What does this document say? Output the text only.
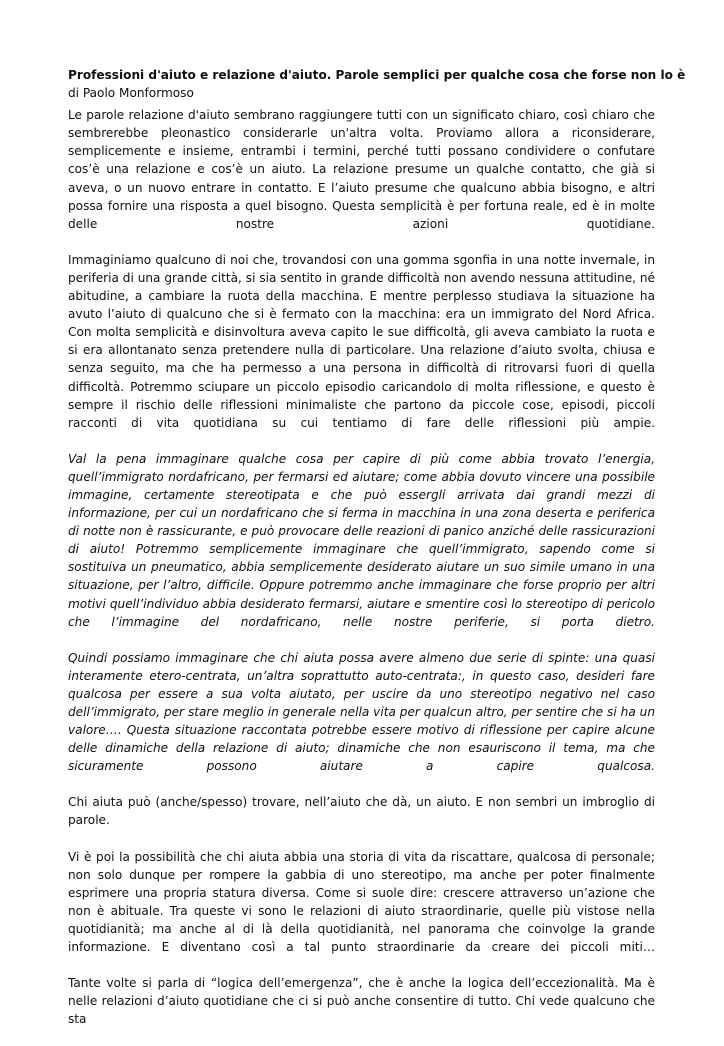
Professioni d'aiuto e relazione d'aiuto. Parole semplici per qualche cosa che forse non lo è

di Paolo Monformoso

Le parole relazione d'aiuto sembrano raggiungere tutti con un significato chiaro, così chiaro che sembrerebbe pleonastico considerarle un'altra volta. Proviamo allora a riconsiderare, semplicemente e insieme, entrambi i termini, perché tutti possano condividere o confutare cos’è una relazione e cos’è un aiuto. La relazione presume un qualche contatto, che già si aveva, o un nuovo entrare in contatto. E l’aiuto presume che qualcuno abbia bisogno, e altri possa fornire una risposta a quel bisogno. Questa semplicità è per fortuna reale, ed è in molte delle nostre azioni quotidiane.

Immaginiamo qualcuno di noi che, trovandosi con una gomma sgonfia in una notte invernale, in periferia di una grande città, si sia sentito in grande difficoltà non avendo nessuna attitudine, né abitudine, a cambiare la ruota della macchina. E mentre perplesso studiava la situazione ha avuto l’aiuto di qualcuno che si è fermato con la macchina: era un immigrato del Nord Africa. Con molta semplicità e disinvoltura aveva capito le sue difficoltà, gli aveva cambiato la ruota e si era allontanato senza pretendere nulla di particolare. Una relazione d’aiuto svolta, chiusa e senza seguito, ma che ha permesso a una persona in difficoltà di ritrovarsi fuori di quella difficoltà. Potremmo sciupare un piccolo episodio caricandolo di molta riflessione, e questo è sempre il rischio delle riflessioni minimaliste che partono da piccole cose, episodi, piccoli racconti di vita quotidiana su cui tentiamo di fare delle riflessioni più ampie.

Val la pena immaginare qualche cosa per capire di più come abbia trovato l’energia, quell’immigrato nordafricano, per fermarsi ed aiutare; come abbia dovuto vincere una possibile immagine, certamente stereotipata e che può essergli arrivata dai grandi mezzi di informazione, per cui un nordafricano che si ferma in macchina in una zona deserta e periferica di notte non è rassicurante, e può provocare delle reazioni di panico anziché delle rassicurazioni di aiuto! Potremmo semplicemente immaginare che quell’immigrato, sapendo come si sostituiva un pneumatico, abbia semplicemente desiderato aiutare un suo simile umano in una situazione, per l’altro, difficile. Oppure potremmo anche immaginare che forse proprio per altri motivi quell’individuo abbia desiderato fermarsi, aiutare e smentire così lo stereotipo di pericolo che l’immagine del nordafricano, nelle nostre periferie, si porta dietro.

Quindi possiamo immaginare che chi aiuta possa avere almeno due serie di spinte: una quasi interamente etero-centrata, un’altra soprattutto auto-centrata:, in questo caso, desideri fare qualcosa per essere a sua volta aiutato, per uscire da uno stereotipo negativo nel caso dell’immigrato, per stare meglio in generale nella vita per qualcun altro, per sentire che si ha un valore…. Questa situazione raccontata potrebbe essere motivo di riflessione per capire alcune delle dinamiche della relazione di aiuto; dinamiche che non esauriscono il tema, ma che sicuramente possono aiutare a capire qualcosa.

Chi aiuta può (anche/spesso) trovare, nell’aiuto che dà, un aiuto. E non sembri un imbroglio di parole.

Vi è poi la possibilità che chi aiuta abbia una storia di vita da riscattare, qualcosa di personale; non solo dunque per rompere la gabbia di uno stereotipo, ma anche per poter finalmente esprimere una propria statura diversa. Come si suole dire: crescere attraverso un’azione che non è abituale. Tra queste vi sono le relazioni di aiuto straordinarie, quelle più vistose nella quotidianità; ma anche al di là della quotidianità, nel panorama che coinvolge la grande informazione. E diventano così a tal punto straordinarie da creare dei piccoli miti…

Tante volte si parla di “logica dell’emergenza”, che è anche la logica dell’eccezionalità. Ma è nelle relazioni d’aiuto quotidiane che ci si può anche consentire di tutto. Chi vede qualcuno che sta
